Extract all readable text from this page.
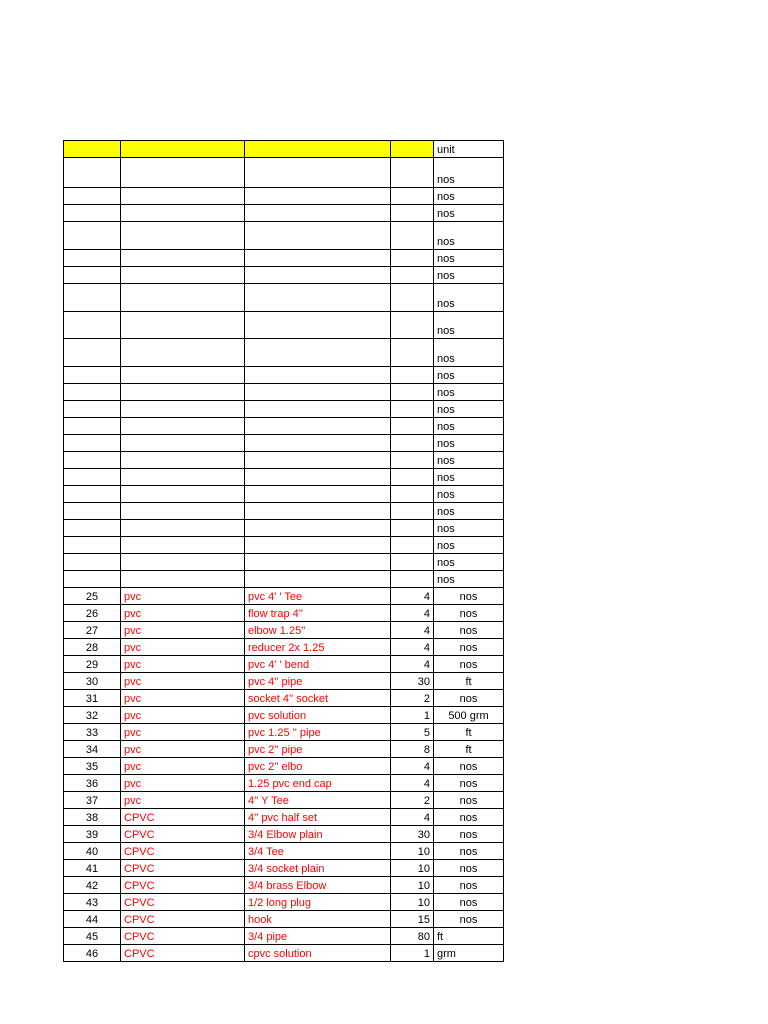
				unit
				nos
				nos
				nos
				nos
				nos
				nos
				nos
				nos
				nos
				nos
				nos
				nos
				nos
				nos
				nos
				nos
				nos
				nos
				nos
				nos
				nos
				nos
25	pvc	pvc 4' ' Tee	4	nos
26	pvc	flow trap 4''	4	nos
27	pvc	elbow 1.25''	4	nos
28	pvc	reducer 2x 1.25	4	nos
29	pvc	pvc 4' ' bend	4	nos
30	pvc	pvc 4'' pipe	30	ft
31	pvc	socket 4'' socket	2	nos
32	pvc	pvc solution	1	500 grm
33	pvc	pvc 1.25 '' pipe	5	ft
34	pvc	pvc 2'' pipe	8	ft
35	pvc	pvc 2'' elbo	4	nos
36	pvc	1.25 pvc end cap	4	nos
37	pvc	4'' Y Tee	2	nos
38	CPVC	4'' pvc half set	4	nos
39	CPVC	3/4 Elbow plain	30	nos
40	CPVC	3/4 Tee	10	nos
41	CPVC	3/4 socket plain	10	nos
42	CPVC	3/4 brass Elbow	10	nos
43	CPVC	1/2 long plug	10	nos
44	CPVC	hook	15	nos
45	CPVC	3/4 pipe	80	ft
46	CPVC	cpvc solution	1	grm
